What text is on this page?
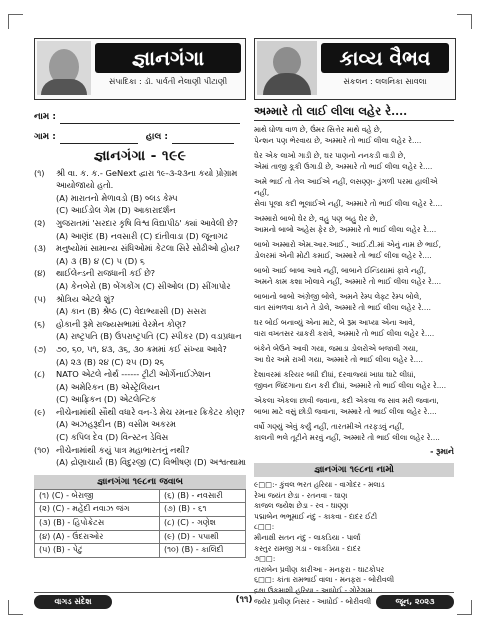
જ્ઞાનગંગા
સંપાદિકા : ડૉ. પાર્વતી નેલાણી પીટાણી
કાવ્ય વૈભવ
સંકલન : લલનિકા સાવલા
નામ :
ગામ :	હાલ :
જ્ઞાનગંગા - ૧૯૯
(૧)	શ્રી વા. ક. ક.- GeNext દ્વારા ૧૯-૩-૨૩ના કયો પ્રોગ્રામ આયોજાયો હતો.
(A) મારાતનો મેળાવડો (B) બ્લડ કેમ્પ
(C) આઈડોલ ગેમ (D) આકારાદર્શન
(૨)	ગુજરાતમાં 'સરદાર કૃષિ વિશ્વ વિદ્યાપીઠ' ક્યાં આવેલી છે?
(A) આણંદ (B) નવસારી (C) દાંતીવાડા (D) જૂનાગઢ
(૩)	મનુષ્યોમાં સામાન્ય સંધિઓમાં કેટલા સિરે સોઢીઓ હોય?
(A) ૩ (B) ૪ (C) ૫ (D) ૬
(૪)	થાઈલેન્ડની રાજધાની કઈ છે?
(A) કેનબેરો (B) બેંગકોંગ (C) સીઓલ (D) સીંગાપોર
(૫)	શ્રોત્રિય એટલે શું?
(A) કાન (B) શ્રેષ્ઠ (C) વેદાભ્યાસી (D) સસરા
(૬)	હોકાની રૂમે રાજ્યસભામાં વેરમેન કોણ?
(A) રાષ્ટ્રપતિ (B) ઉપરાષ્ટ્રપતિ (C) સ્પીકર (D) વડાપ્રધાન
(૭)	૭૦, ૬૦, ૫૧, ૪૩, ૩૬, ૩૦ ક્રમમાં કઈ સંખ્યા આવે?
(A) ૨૩ (B) ૨૪ (C) ૨૫ (D) ૨૬
(૮)	NATO એટલે નોર્થ ------ ટ્રીટી ઓર્ગેનાઈઝેશન
(A) અમેરિકન (B) એસ્ટ્રેલિયન
(C) આફ્રિકન (D) એટલેન્ટિક
(૯)	નીચેનામાંથી સૌથી વધારે વન-ડે મેચ રમનાર ક્રિકેટર કોણ?
(A) અઝહરૂદીન (B) વસીમ અકરમ
(C) કપિલ દેવ (D) વિન્સ્ટન ડેવિસ
(૧૦) નીચેનામાંથી કયું પાત્ર મહાભારતનું નથી?
(A) દ્રોણાચાર્ય (B) વિદુરજી (C) વિભીષણ (D) અશ્વત્થામા
જ્ઞાનગંગા ૧૯૮ના જવાબ
(૧) (C) - બેરાજી	(૬) (B) - નવસારી
(૨) (C) - મહેંદી નવાઝ જંગ	(૭) (B) - ૬૧
(૩) (B) - હિપોક્રેટસ	(૮) (C) - ગણેશ
(૪) (A) - ઉંદરાઓર	(૯) (D) - પપાથી
(૫) (B) - પેટું	(૧૦) (B) - કાલિંદી
અમ્મારે તો લાઈ લીલા લહેર રે....
માથે ધોળા વાળ છે, ઉંમર સિત્તેર માથે વહે છે,
પેન્શન પણ ભેરવાય છે, અમ્મારે તો ભાઈ લીલા લહેર રે....
ઘેર એક લાખો ગાડી છે, ઘર પાણનો નનકડી વાડી છે,
એમાં તાજી કૂકી ઉગાડી છે, અમ્મારે તો ભાઈ લીલા લહેર રે....
અમે ભાઈ તો તેલ આઈએ નહીં, લસણ્ણ- ડુંગળી પરમા હાલીએ નહીં,
સેવા પૂજા કદી ભૂલાઈએ નહીં, અમ્મારે તો ભાઈ લીલા લહેર રે....
અમ્મારો બાબો ઘેર છે, વહુ પણ બહુ ઘેર છે,
આમનો બાબો અહેસ ફેર છે, અમ્મારે તો ભાઈ લીલા લહેર રે....
બાબો અમ્મારો એમ.આર.આઈ., આઈ.ટી.માં એનું નામ છે ભાઈ,
ડોલરમાં એની મોટી કમાઈ, અમ્મારે તો ભાઈ લીલા લહેર રે....
બાબો આઈ બાબા આવે નહીં, બાબાને ઈન્ડિયામાં ફાવે નહીં,
અમને કામ કશા ખોલાવે નહીં, અમ્મારે તો ભાઈ લીલા લહેર રે....
બાબાનો બાબો અંગ્રેજી બોલે, અમને રેમ્પ લેફ્ટ રેમ્પ બોલે,
વાત સાંભળવા કાને તે ડોલે, અમ્મારે તો ભાઈ લીલા લહેર રે....
ઘર બોઈ બનાવ્યું એના માટે, બે રૂમ આપ્યા એના આવે,
વારા વખતસર ચાકરી કરાવે, અમ્મારે તો ભાઈ લીલા લહેર રે....
બંકેને બેઉને આવી ગયા, જમાડા ડોલરોએ બજાવી ગયા,
આ ઘેર અમે રાખી ગયા, અમ્મારે તો ભાઈ લીલા લહેર રે....
દેશાવરમાં કરિયર બધી દીધાં, દરવાજ્યાં ખાધા ઘાટે લીધાં,
જીવન જિંદગાના દાન કરી દીધાં, અમ્મારે તો ભાઈ લીલા લહેર રે....
એકલા એકલા છાવી જવાના, કદી એકલા જ સાવ મરી જવાના,
બાબા માટે વસું છોડી જવાના, અમ્મારે તો ભાઈ લીલા લહેર રે....
વર્ષો ગણ્યું એવું કર્યું નહીં, તારતમીએ તરફડવું નહીં,
કાલની ભલે તૂટીને મરવું નહીં, અમ્મારે તો ભાઈ લીલા લહેર રે....
- રૂમાને
જ્ઞાનગંગા ૧૯૮ના નામો
૯□□:- કુંવલ ભરત હરિયા - વાગોદર - મલાડ
રેખા જયંત છેડા - રતનવા - ઘાણ
કાજલ જયેશ છેડા - રવ - ઘાણ્ણ
પદ્માબેન ભભૂમાઈ નંદુ - કાકવા - દાદર ઈટી
૮□□:
મીનાક્ષી સતન નંદુ - લાકડિયા - પાર્લા
કસ્તુર રામજી ગડા - લાકડિયા - દાદર
૭□□:
તારાબેન પ્રવીણ કારીઆ - મનફરા - ઘાટકોપર
૬□□: કાંતા રામભાઈ વાલા - મનફરા - બોરીવલી
દ્રક્ષા ઉકમાશી હરિયા - આધોઈ - ગોરેગામ
જયેર પ્રવીણ નિસર - આધોઈ - બોરીવલી
વાગડ સંદેશ	(૧૧)	જૂન, ૨૦૨૩
